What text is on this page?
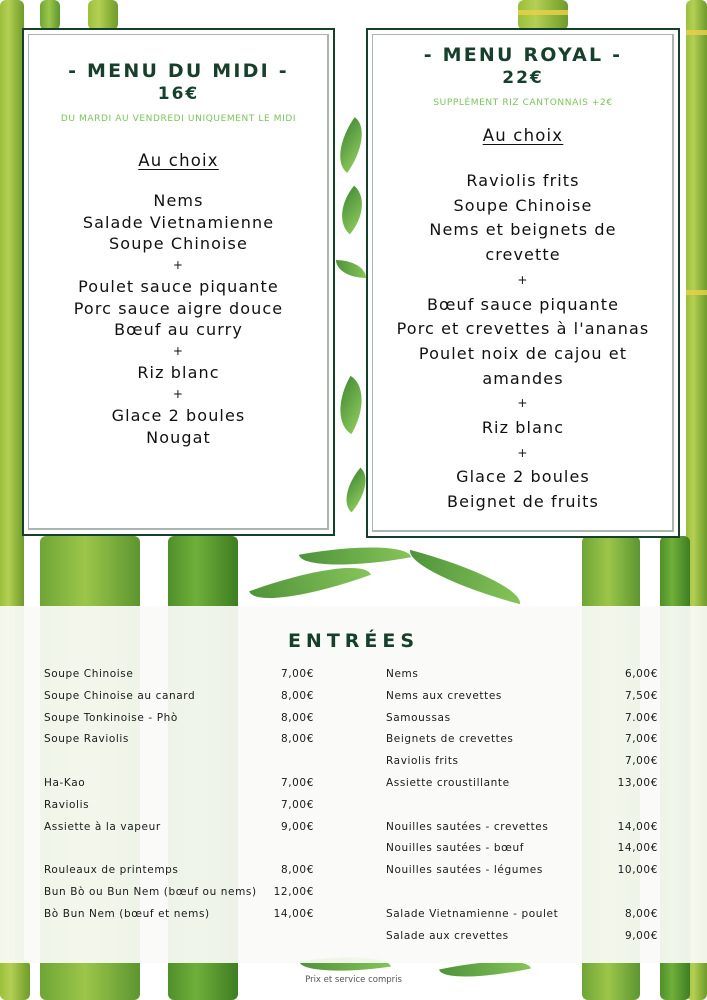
- MENU DU MIDI -
16€
DU MARDI AU VENDREDI UNIQUEMENT LE MIDI
Au choix
Nems
Salade Vietnamienne
Soupe Chinoise
+
Poulet sauce piquante
Porc sauce aigre douce
Bœuf au curry
+
Riz blanc
+
Glace 2 boules
Nougat
- MENU ROYAL -
22€
SUPPLÉMENT RIZ CANTONNAIS +2€
Au choix
Raviolis frits
Soupe Chinoise
Nems et beignets de
crevette
+
Bœuf sauce piquante
Porc et crevettes à l'ananas
Poulet noix de cajou et
amandes
+
Riz blanc
+
Glace 2 boules
Beignet de fruits
ENTRÉES
Soupe Chinoise	7,00€
Soupe Chinoise au canard	8,00€
Soupe Tonkinoise - Phò	8,00€
Soupe Raviolis	8,00€
Ha-Kao	7,00€
Raviolis	7,00€
Assiette à la vapeur	9,00€
Rouleaux de printemps	8,00€
Bun Bò ou Bun Nem (bœuf ou nems) 12,00€
Bò Bun Nem (bœuf et nems)	14,00€
Nems	6,00€
Nems aux crevettes	7,50€
Samoussas	7.00€
Beignets de crevettes	7,00€
Raviolis frits	7,00€
Assiette croustillante	13,00€
Nouilles sautées - crevettes	14,00€
Nouilles sautées - bœuf	14,00€
Nouilles sautées - légumes	10,00€
Salade Vietnamienne - poulet	8,00€
Salade aux crevettes	9,00€
Prix et service compris
